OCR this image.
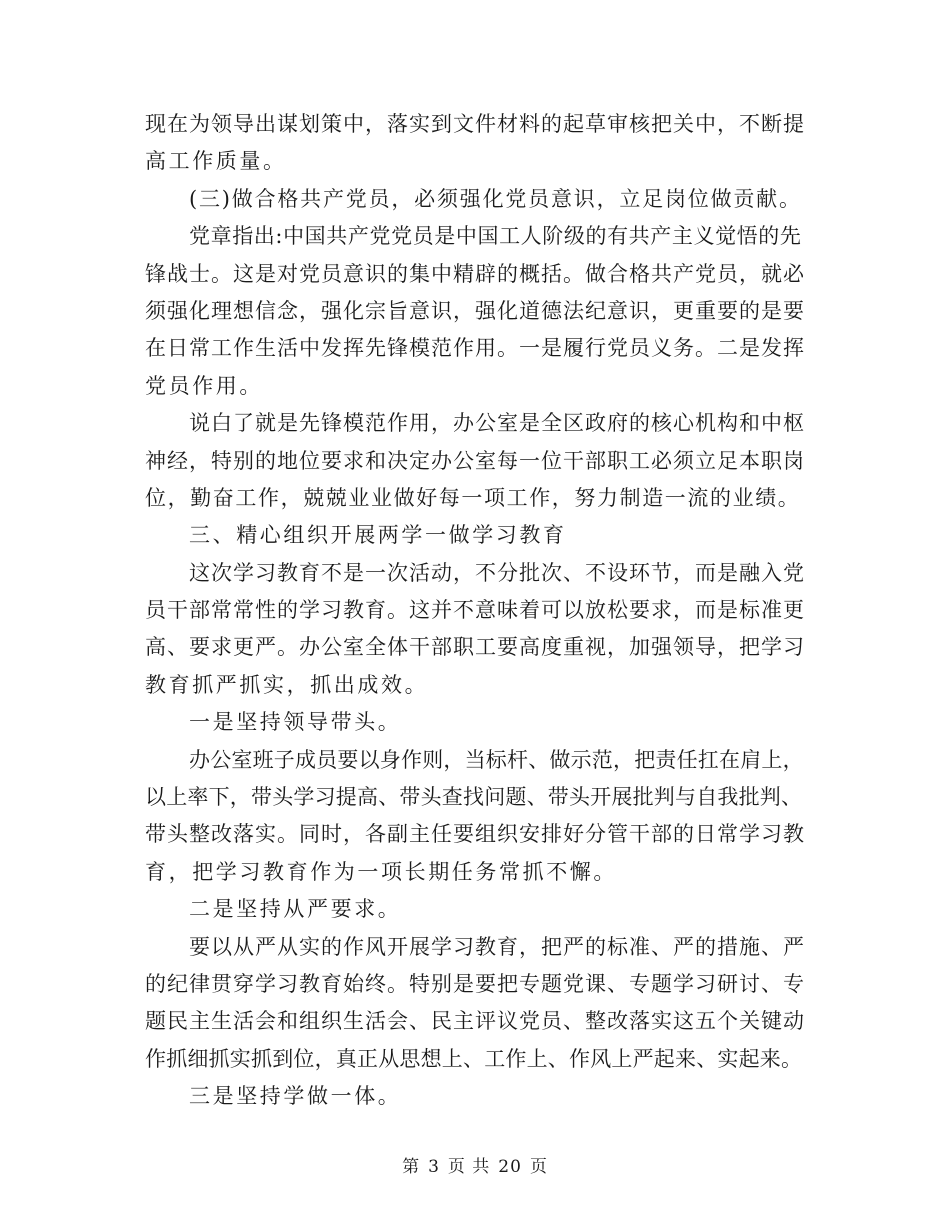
现在为领导出谋划策中，落实到文件材料的起草审核把关中，不断提
高工作质量。
(三)做合格共产党员，必须强化党员意识，立足岗位做贡献。
党章指出:中国共产党党员是中国工人阶级的有共产主义觉悟的先
锋战士。这是对党员意识的集中精辟的概括。做合格共产党员，就必
须强化理想信念，强化宗旨意识，强化道德法纪意识，更重要的是要
在日常工作生活中发挥先锋模范作用。一是履行党员义务。二是发挥
党员作用。
说白了就是先锋模范作用，办公室是全区政府的核心机构和中枢
神经，特别的地位要求和决定办公室每一位干部职工必须立足本职岗
位，勤奋工作，兢兢业业做好每一项工作，努力制造一流的业绩。
三、精心组织开展两学一做学习教育
这次学习教育不是一次活动，不分批次、不设环节，而是融入党
员干部常常性的学习教育。这并不意味着可以放松要求，而是标准更
高、要求更严。办公室全体干部职工要高度重视，加强领导，把学习
教育抓严抓实，抓出成效。
一是坚持领导带头。
办公室班子成员要以身作则，当标杆、做示范，把责任扛在肩上，
以上率下，带头学习提高、带头查找问题、带头开展批判与自我批判、
带头整改落实。同时，各副主任要组织安排好分管干部的日常学习教
育，把学习教育作为一项长期任务常抓不懈。
二是坚持从严要求。
要以从严从实的作风开展学习教育，把严的标准、严的措施、严
的纪律贯穿学习教育始终。特别是要把专题党课、专题学习研讨、专
题民主生活会和组织生活会、民主评议党员、整改落实这五个关键动
作抓细抓实抓到位，真正从思想上、工作上、作风上严起来、实起来。
三是坚持学做一体。
第 3 页 共 20 页
